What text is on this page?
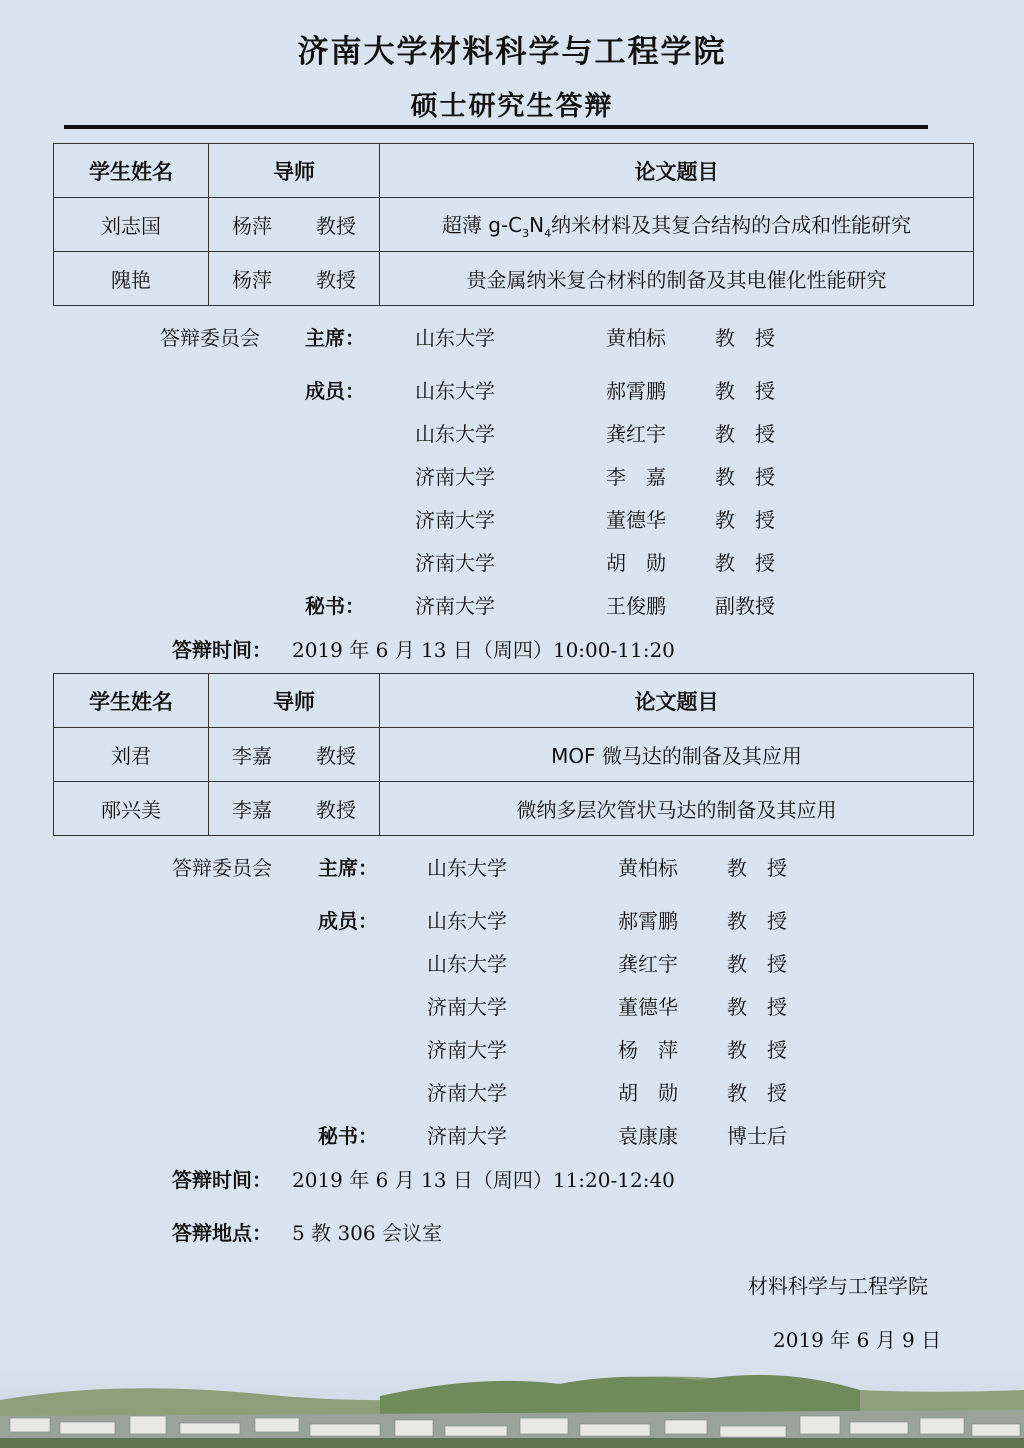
济南大学材料科学与工程学院
硕士研究生答辩
学生姓名	导师	论文题目
刘志国	杨萍 教授	超薄 $g-C_3N_4$纳米材料及其复合结构的合成和性能研究
隗艳	杨萍 教授	贵金属纳米复合材料的制备及其电催化性能研究
答辩委员会 主席：	山东大学	黄柏标 教　授
成员：	山东大学	郝霄鹏 教　授
山东大学	龚红宇 教　授
济南大学	李　嘉 教　授
济南大学	董德华 教　授
济南大学	胡　勋 教　授
秘书：	济南大学	王俊鹏 副教授
答辩时间： 2019 年 6 月 13 日（周四）10:00-11:20
学生姓名	导师	论文题目
刘君	李嘉 教授	MOF 微马达的制备及其应用
邴兴美	李嘉 教授	微纳多层次管状马达的制备及其应用
答辩委员会 主席： 山东大学	黄柏标 教　授
成员： 山东大学	郝霄鹏 教　授
山东大学	龚红宇 教　授
济南大学	董德华 教　授
济南大学	杨　萍 教　授
济南大学	胡　勋 教　授
秘书： 济南大学	袁康康 博士后
答辩时间： 2019 年 6 月 13 日（周四）11:20-12:40
答辩地点： 5 教 306 会议室
材料科学与工程学院
2019 年 6 月 9 日
